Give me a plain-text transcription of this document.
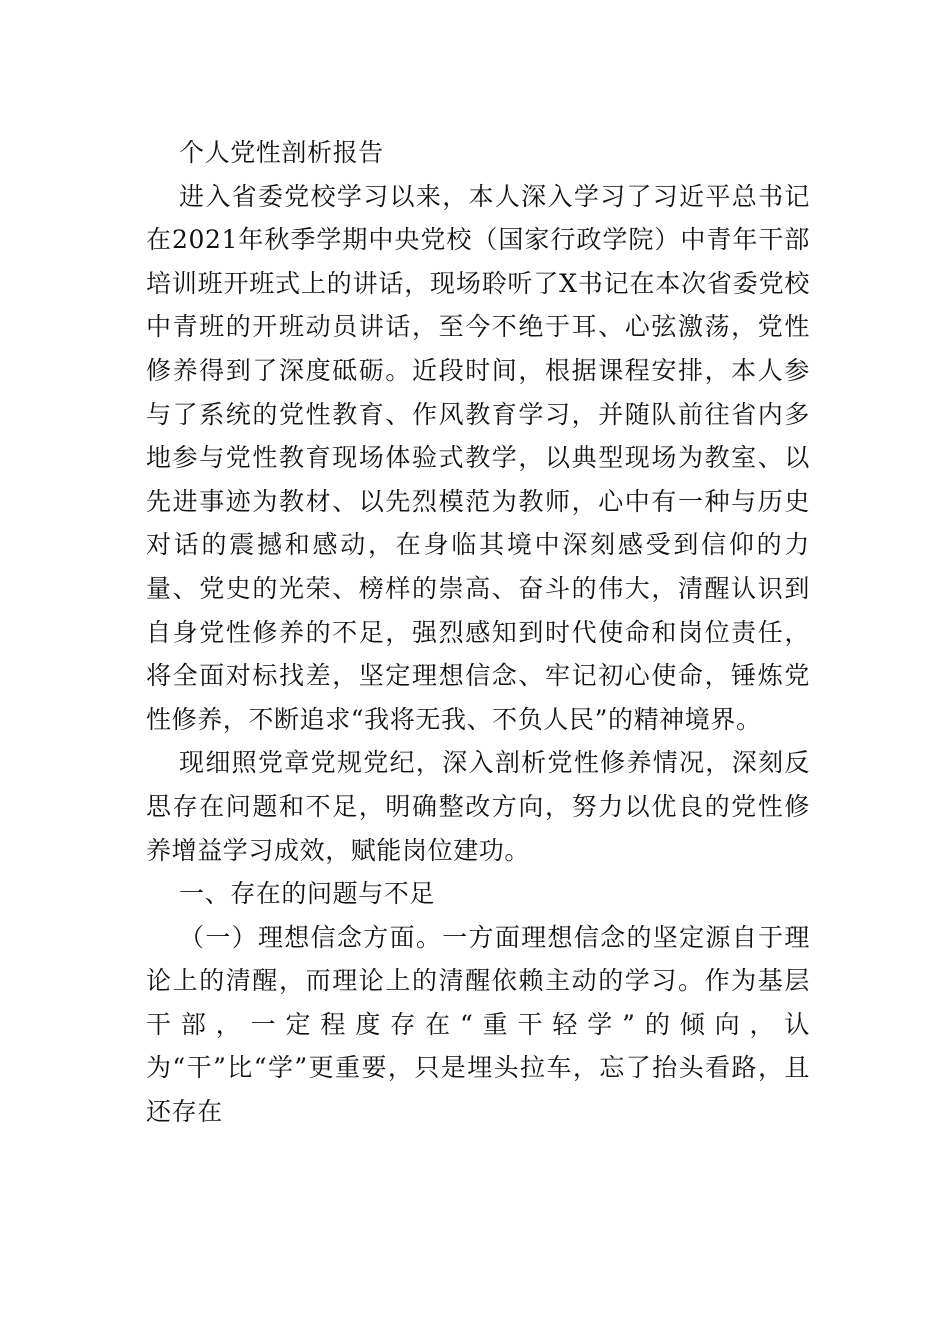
个人党性剖析报告

进入省委党校学习以来，本人深入学习了习近平总书记在2021年秋季学期中央党校（国家行政学院）中青年干部培训班开班式上的讲话，现场聆听了X书记在本次省委党校中青班的开班动员讲话，至今不绝于耳、心弦激荡，党性修养得到了深度砥砺。近段时间，根据课程安排，本人参与了系统的党性教育、作风教育学习，并随队前往省内多地参与党性教育现场体验式教学，以典型现场为教室、以先进事迹为教材、以先烈模范为教师，心中有一种与历史对话的震撼和感动，在身临其境中深刻感受到信仰的力量、党史的光荣、榜样的崇高、奋斗的伟大，清醒认识到自身党性修养的不足，强烈感知到时代使命和岗位责任，将全面对标找差，坚定理想信念、牢记初心使命，锤炼党性修养，不断追求“我将无我、不负人民”的精神境界。

现细照党章党规党纪，深入剖析党性修养情况，深刻反思存在问题和不足，明确整改方向，努力以优良的党性修养增益学习成效，赋能岗位建功。

一、存在的问题与不足

（一）理想信念方面。一方面理想信念的坚定源自于理论上的清醒，而理论上的清醒依赖主动的学习。作为基层干部，一定程度存在“重干轻学”的倾向，认为“干”比“学”更重要，只是埋头拉车，忘了抬头看路，且还存在
